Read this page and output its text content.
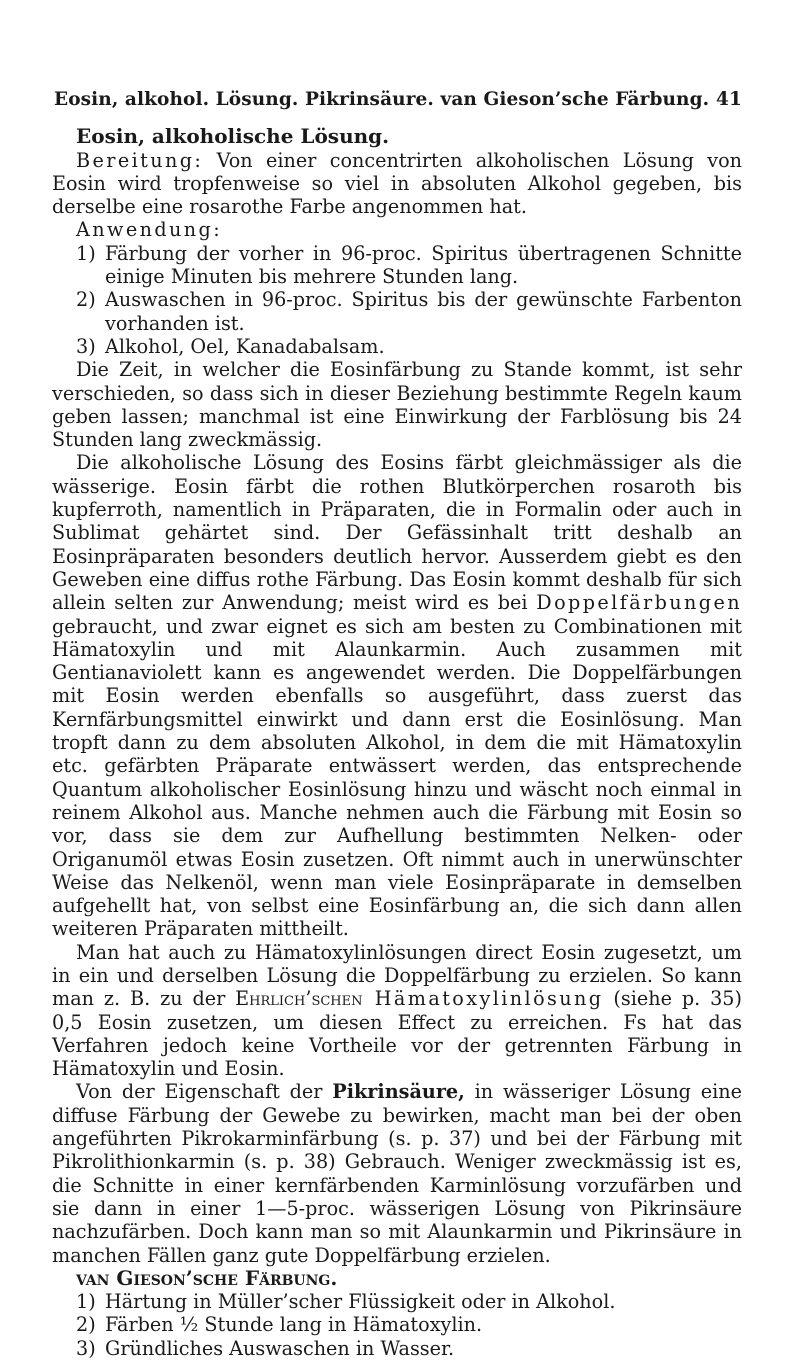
Eosin, alkohol. Lösung. Pikrinsäure. van Gieson’sche Färbung. 41

Eosin, alkoholische Lösung.

Bereitung: Von einer concentrirten alkoholischen Lösung von Eosin wird tropfenweise so viel in absoluten Alkohol gegeben, bis derselbe eine rosarothe Farbe angenommen hat.

Anwendung:

1) Färbung der vorher in 96-proc. Spiritus übertragenen Schnitte einige Minuten bis mehrere Stunden lang.
2) Auswaschen in 96-proc. Spiritus bis der gewünschte Farbenton vorhanden ist.
3) Alkohol, Oel, Kanadabalsam.

Die Zeit, in welcher die Eosinfärbung zu Stande kommt, ist sehr verschieden, so dass sich in dieser Beziehung bestimmte Regeln kaum geben lassen; manchmal ist eine Einwirkung der Farblösung bis 24 Stunden lang zweckmässig.

Die alkoholische Lösung des Eosins färbt gleichmässiger als die wässerige. Eosin färbt die rothen Blutkörperchen rosaroth bis kupferroth, namentlich in Präparaten, die in Formalin oder auch in Sublimat gehärtet sind. Der Gefässinhalt tritt deshalb an Eosinpräparaten besonders deutlich hervor. Ausserdem giebt es den Geweben eine diffus rothe Färbung. Das Eosin kommt deshalb für sich allein selten zur Anwendung; meist wird es bei Doppelfärbungen gebraucht, und zwar eignet es sich am besten zu Combinationen mit Hämatoxylin und mit Alaunkarmin. Auch zusammen mit Gentianaviolett kann es angewendet werden. Die Doppelfärbungen mit Eosin werden ebenfalls so ausgeführt, dass zuerst das Kernfärbungsmittel einwirkt und dann erst die Eosinlösung. Man tropft dann zu dem absoluten Alkohol, in dem die mit Hämatoxylin etc. gefärbten Präparate entwässert werden, das entsprechende Quantum alkoholischer Eosinlösung hinzu und wäscht noch einmal in reinem Alkohol aus. Manche nehmen auch die Färbung mit Eosin so vor, dass sie dem zur Aufhellung bestimmten Nelken- oder Origanumöl etwas Eosin zusetzen. Oft nimmt auch in unerwünschter Weise das Nelkenöl, wenn man viele Eosinpräparate in demselben aufgehellt hat, von selbst eine Eosinfärbung an, die sich dann allen weiteren Präparaten mittheilt.

Man hat auch zu Hämatoxylinlösungen direct Eosin zugesetzt, um in ein und derselben Lösung die Doppelfärbung zu erzielen. So kann man z. B. zu der Ehrlich’schen Hämatoxylinlösung (siehe p. 35) 0,5 Eosin zusetzen, um diesen Effect zu erreichen. Fs hat das Verfahren jedoch keine Vortheile vor der getrennten Färbung in Hämatoxylin und Eosin.

Von der Eigenschaft der Pikrinsäure, in wässeriger Lösung eine diffuse Färbung der Gewebe zu bewirken, macht man bei der oben angeführten Pikrokarminfärbung (s. p. 37) und bei der Färbung mit Pikrolithionkarmin (s. p. 38) Gebrauch. Weniger zweckmässig ist es, die Schnitte in einer kernfärbenden Karminlösung vorzufärben und sie dann in einer 1—5-proc. wässerigen Lösung von Pikrinsäure nachzufärben. Doch kann man so mit Alaunkarmin und Pikrinsäure in manchen Fällen ganz gute Doppelfärbung erzielen.

van Gieson’sche Färbung.

1) Härtung in Müller’scher Flüssigkeit oder in Alkohol.
2) Färben ½ Stunde lang in Hämatoxylin.
3) Gründliches Auswaschen in Wasser.
